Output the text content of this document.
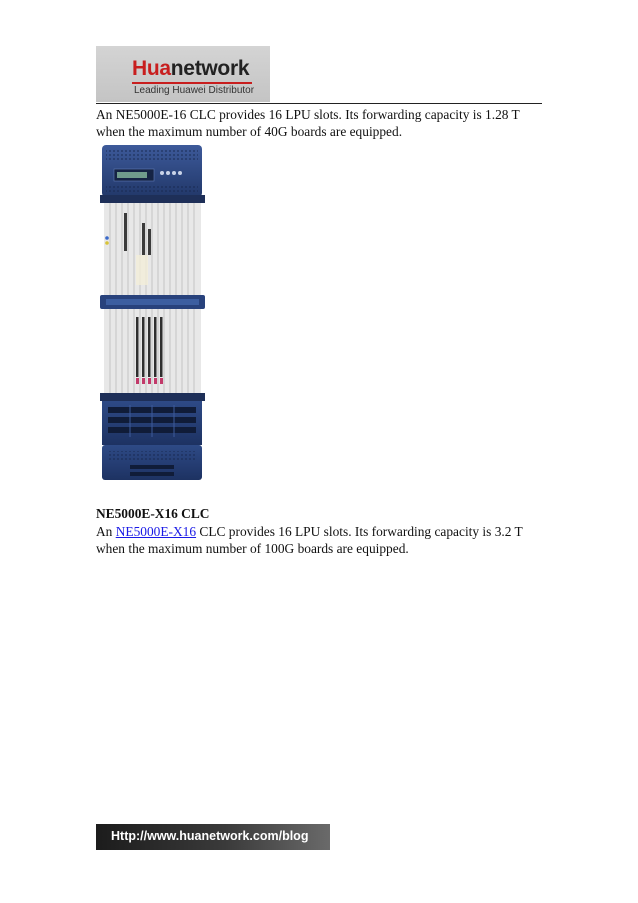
Huanetwork
Leading Huawei Distributor

An NE5000E-16 CLC provides 16 LPU slots. Its forwarding capacity is 1.28 T when the maximum number of 40G boards are equipped.

NE5000E-X16 CLC

An NE5000E-X16 CLC provides 16 LPU slots. Its forwarding capacity is 3.2 T when the maximum number of 100G boards are equipped.

Http://www.huanetwork.com/blog
